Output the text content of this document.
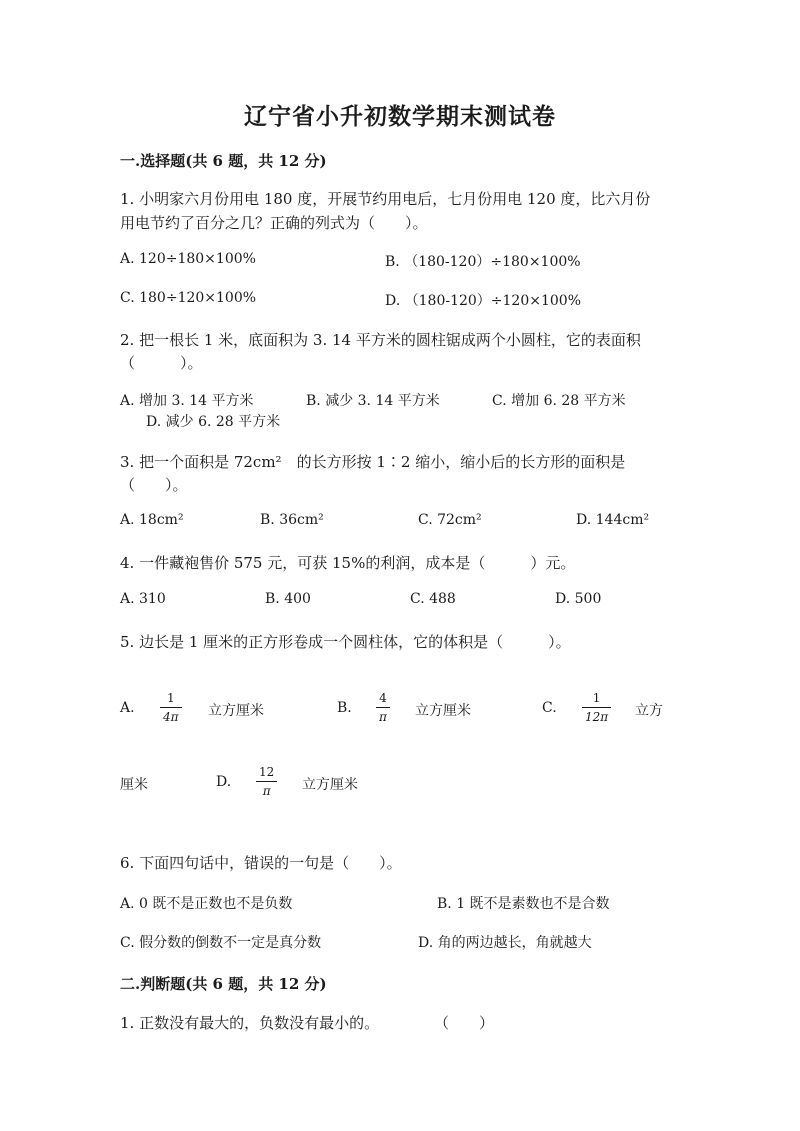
辽宁省小升初数学期末测试卷
一.选择题(共 6 题，共 12 分)
1. 小明家六月份用电 180 度，开展节约用电后，七月份用电 120 度，比六月份
用电节约了百分之几？正确的列式为（　　）。
A. 120÷180×100%	B. （180-120）÷180×100%
C. 180÷120×100%	D. （180-120）÷120×100%
2. 把一根长 1 米，底面积为 3. 14 平方米的圆柱锯成两个小圆柱，它的表面积
（　　　）。
A. 增加 3. 14 平方米	B. 减少 3. 14 平方米	C. 增加 6. 28 平方米
D. 减少 6. 28 平方米
3. 把一个面积是 72cm²　的长方形按 1∶2 缩小，缩小后的长方形的面积是
（　　）。
A. 18cm²	B. 36cm²	C. 72cm²	D. 144cm²
4. 一件藏袍售价 575 元，可获 15%的利润，成本是（　　　）元。
A. 310	B. 400	C. 488	D. 500
5. 边长是 1 厘米的正方形卷成一个圆柱体，它的体积是（　　　）。
A.
1
4π 立方厘米	B.
4
π 立方厘米	C.
1
12π 立方
厘米	D.
12
π 立方厘米
6. 下面四句话中，错误的一句是（　　）。
A. 0 既不是正数也不是负数	B. 1 既不是素数也不是合数
C. 假分数的倒数不一定是真分数	D. 角的两边越长，角就越大
二.判断题(共 6 题，共 12 分)
1. 正数没有最大的，负数没有最小的。	（　　）
